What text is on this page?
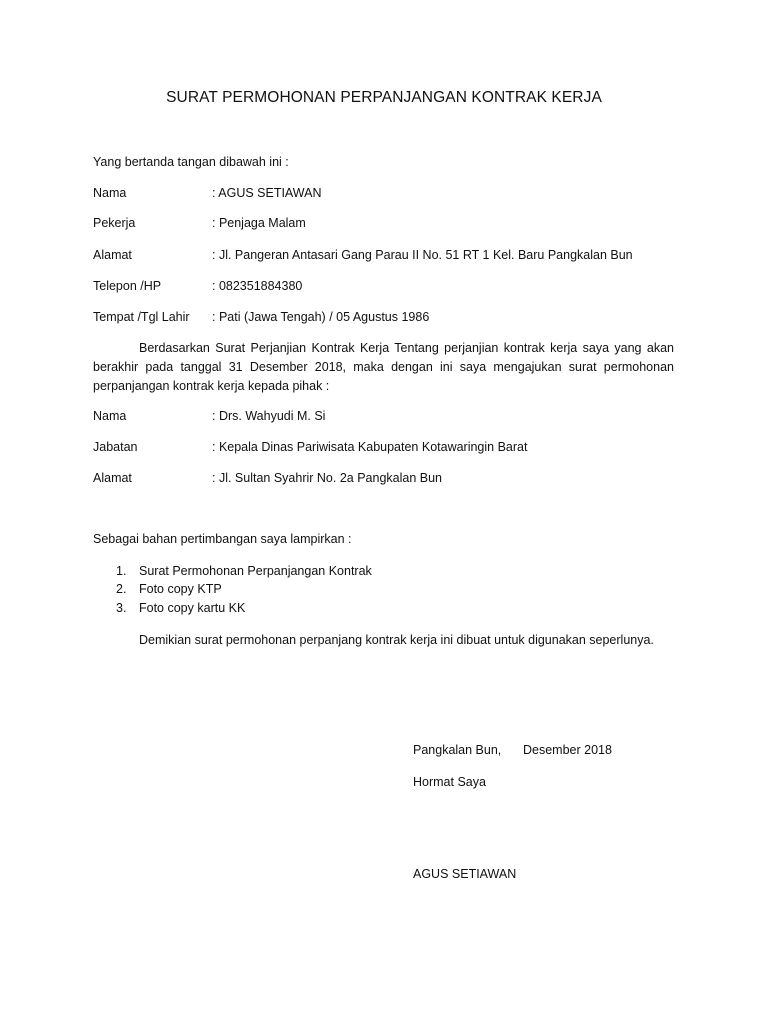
SURAT PERMOHONAN PERPANJANGAN KONTRAK KERJA
Yang bertanda tangan dibawah ini :
Nama	: AGUS SETIAWAN
Pekerja	: Penjaga Malam
Alamat	: Jl. Pangeran Antasari Gang Parau II No. 51 RT 1 Kel. Baru Pangkalan Bun
Telepon /HP	: 082351884380
Tempat /Tgl Lahir : Pati (Jawa Tengah) / 05 Agustus 1986
Berdasarkan Surat Perjanjian Kontrak Kerja Tentang perjanjian kontrak kerja saya yang akan berakhir pada tanggal 31 Desember 2018, maka dengan ini saya mengajukan surat permohonan perpanjangan kontrak kerja kepada pihak :
Nama	: Drs. Wahyudi M. Si
Jabatan	: Kepala Dinas Pariwisata Kabupaten Kotawaringin Barat
Alamat	: Jl. Sultan Syahrir No. 2a Pangkalan Bun
Sebagai bahan pertimbangan saya lampirkan :
1. Surat Permohonan Perpanjangan Kontrak
2. Foto copy KTP
3. Foto copy kartu KK
Demikian surat permohonan perpanjang kontrak kerja ini dibuat untuk digunakan seperlunya.
Pangkalan Bun, Desember 2018
Hormat Saya
AGUS SETIAWAN
